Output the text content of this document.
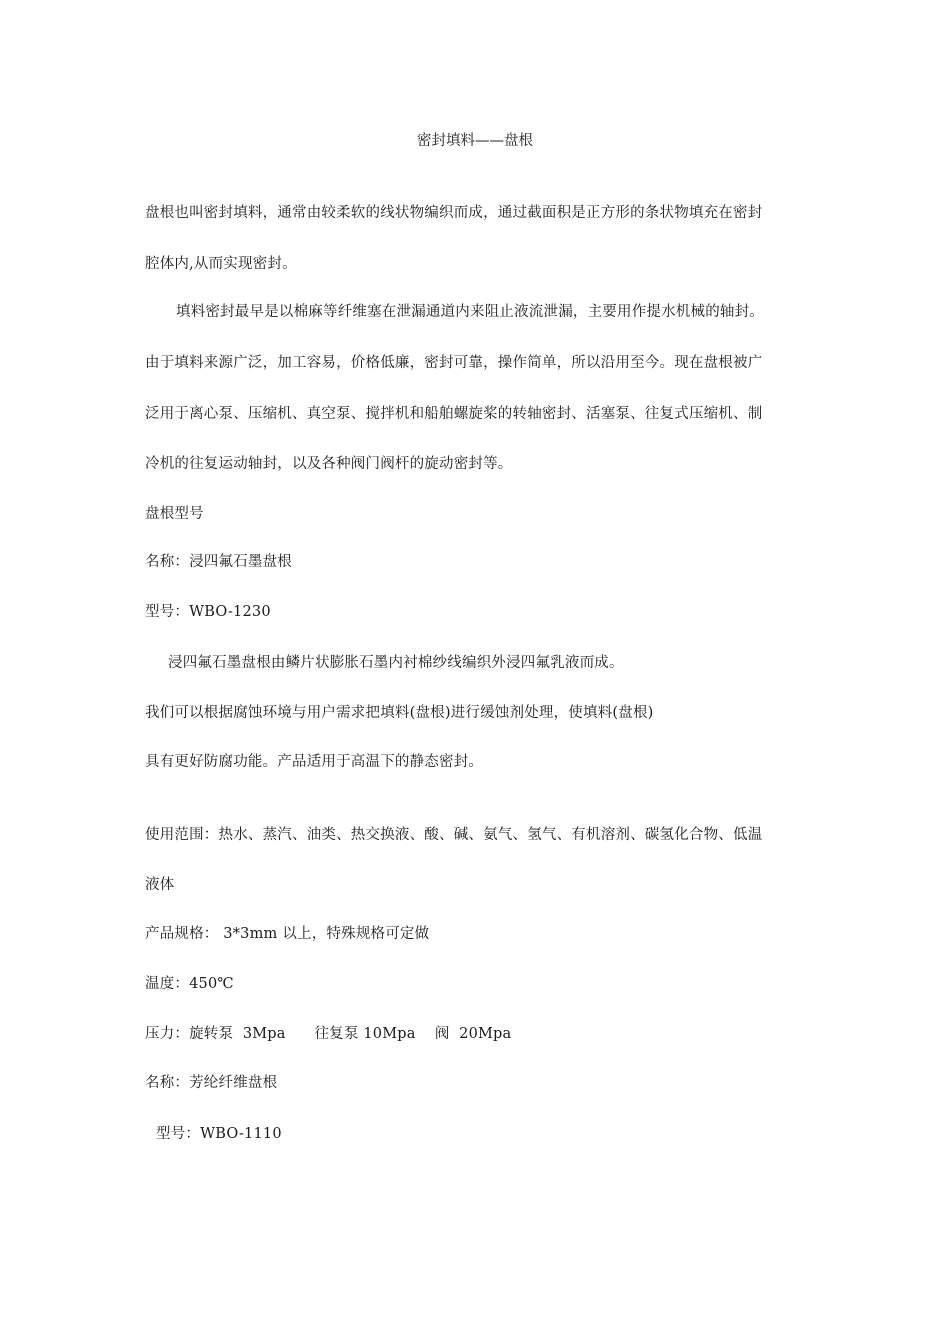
密封填料——盘根
盘根也叫密封填料，通常由较柔软的线状物编织而成，通过截面积是正方形的条状物填充在密封
腔体内,从而实现密封。
填料密封最早是以棉麻等纤维塞在泄漏通道内来阻止液流泄漏，主要用作提水机械的轴封。
由于填料来源广泛，加工容易，价格低廉，密封可靠，操作简单，所以沿用至今。现在盘根被广
泛用于离心泵、压缩机、真空泵、搅拌机和船舶螺旋桨的转轴密封、活塞泵、往复式压缩机、制
冷机的往复运动轴封，以及各种阀门阀杆的旋动密封等。
盘根型号
名称：浸四氟石墨盘根
型号：WBO-1230
浸四氟石墨盘根由鳞片状膨胀石墨内衬棉纱线编织外浸四氟乳液而成。
我们可以根据腐蚀环境与用户需求把填料(盘根)进行缓蚀剂处理，使填料(盘根)
具有更好防腐功能。产品适用于高温下的静态密封。
使用范围：热水、蒸汽、油类、热交换液、酸、碱、氨气、氢气、有机溶剂、碳氢化合物、低温
液体
产品规格： 3*3mm 以上，特殊规格可定做
温度：450℃
压力：旋转泵  3Mpa      往复泵 10Mpa    阀  20Mpa
名称：芳纶纤维盘根
型号：WBO-1110
